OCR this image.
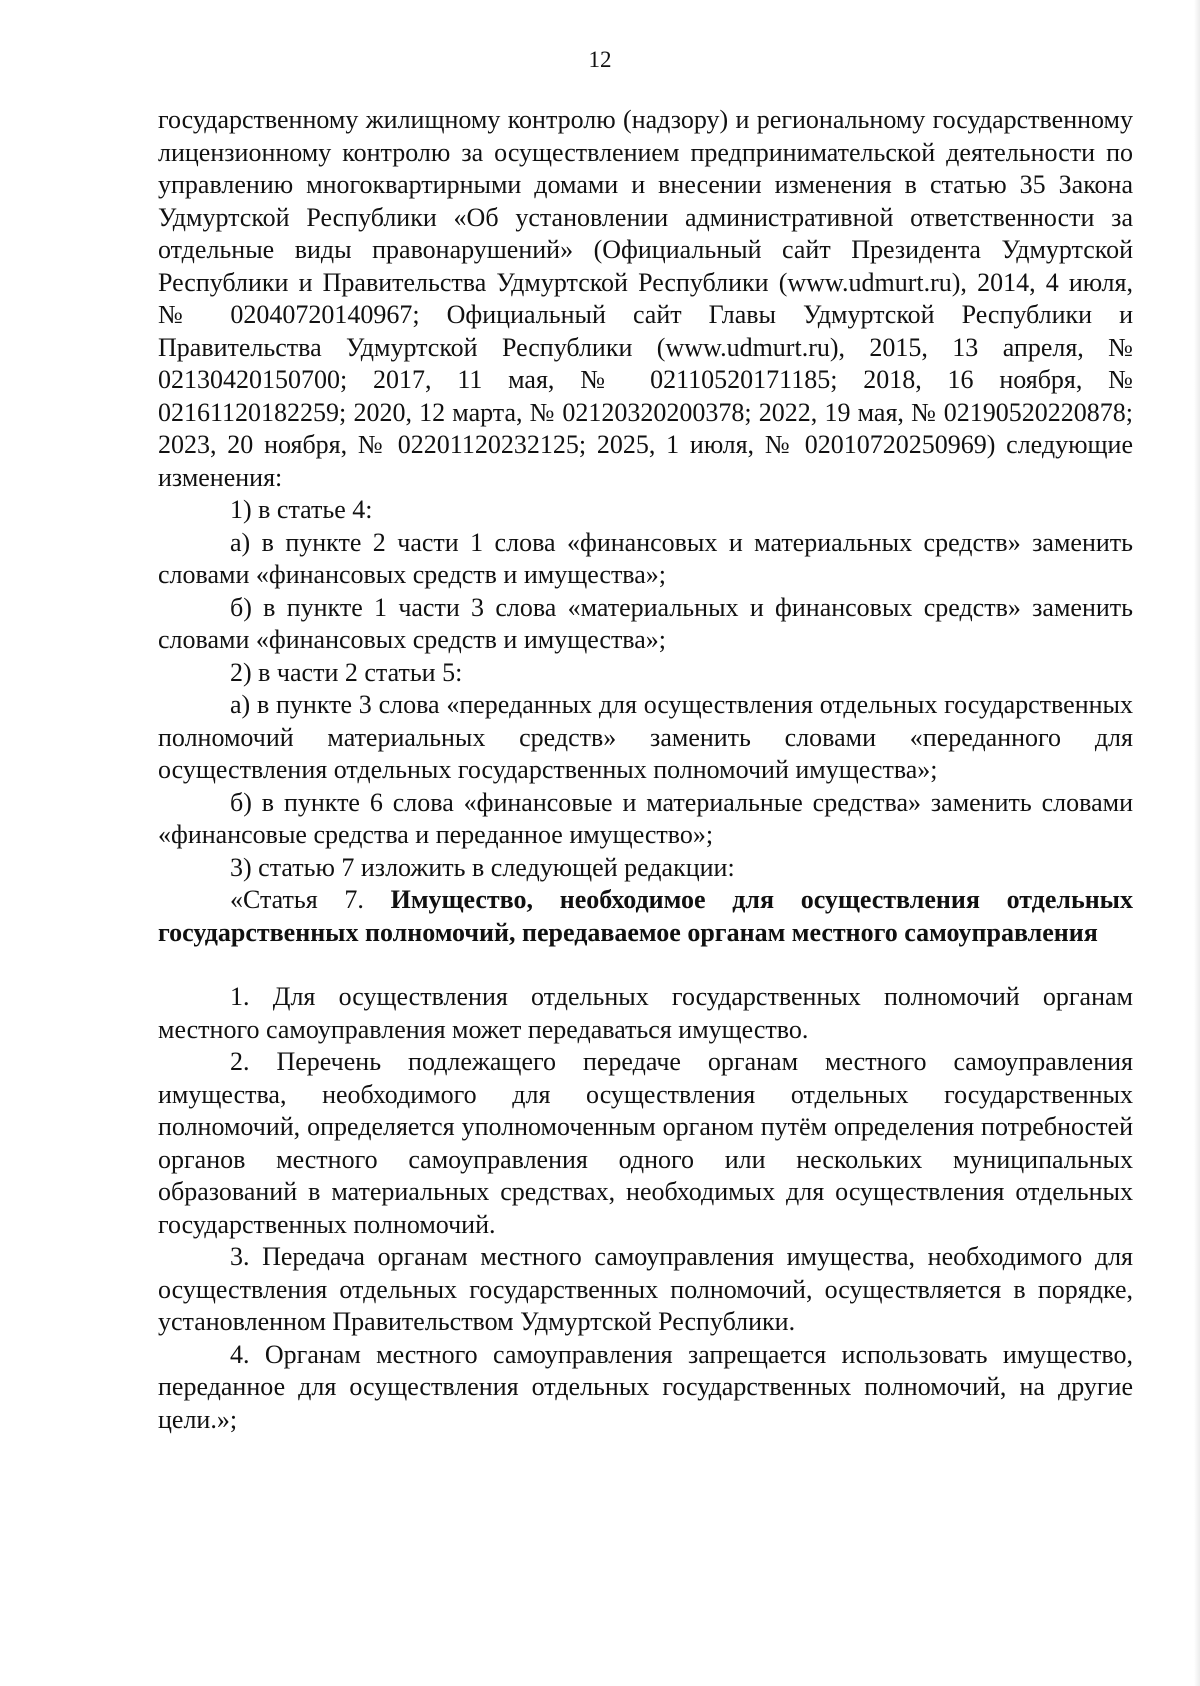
12

государственному жилищному контролю (надзору) и региональному государственному лицензионному контролю за осуществлением предпринимательской деятельности по управлению многоквартирными домами и внесении изменения в статью 35 Закона Удмуртской Республики «Об установлении административной ответственности за отдельные виды правонарушений» (Официальный сайт Президента Удмуртской Республики и Правительства Удмуртской Республики (www.udmurt.ru), 2014, 4 июля, № 02040720140967; Официальный сайт Главы Удмуртской Республики и Правительства Удмуртской Республики (www.udmurt.ru), 2015, 13 апреля, № 02130420150700; 2017, 11 мая, № 02110520171185; 2018, 16 ноября, № 02161120182259; 2020, 12 марта, № 02120320200378; 2022, 19 мая, № 02190520220878; 2023, 20 ноября, № 02201120232125; 2025, 1 июля, № 02010720250969) следующие изменения:

1) в статье 4:

а) в пункте 2 части 1 слова «финансовых и материальных средств» заменить словами «финансовых средств и имущества»;

б) в пункте 1 части 3 слова «материальных и финансовых средств» заменить словами «финансовых средств и имущества»;

2) в части 2 статьи 5:

а) в пункте 3 слова «переданных для осуществления отдельных государственных полномочий материальных средств» заменить словами «переданного для осуществления отдельных государственных полномочий имущества»;

б) в пункте 6 слова «финансовые и материальные средства» заменить словами «финансовые средства и переданное имущество»;

3) статью 7 изложить в следующей редакции:

«Статья 7. Имущество, необходимое для осуществления отдельных государственных полномочий, передаваемое органам местного самоуправления

1. Для осуществления отдельных государственных полномочий органам местного самоуправления может передаваться имущество.

2. Перечень подлежащего передаче органам местного самоуправления имущества, необходимого для осуществления отдельных государственных полномочий, определяется уполномоченным органом путём определения потребностей органов местного самоуправления одного или нескольких муниципальных образований в материальных средствах, необходимых для осуществления отдельных государственных полномочий.

3. Передача органам местного самоуправления имущества, необходимого для осуществления отдельных государственных полномочий, осуществляется в порядке, установленном Правительством Удмуртской Республики.

4. Органам местного самоуправления запрещается использовать имущество, переданное для осуществления отдельных государственных полномочий, на другие цели.»;
